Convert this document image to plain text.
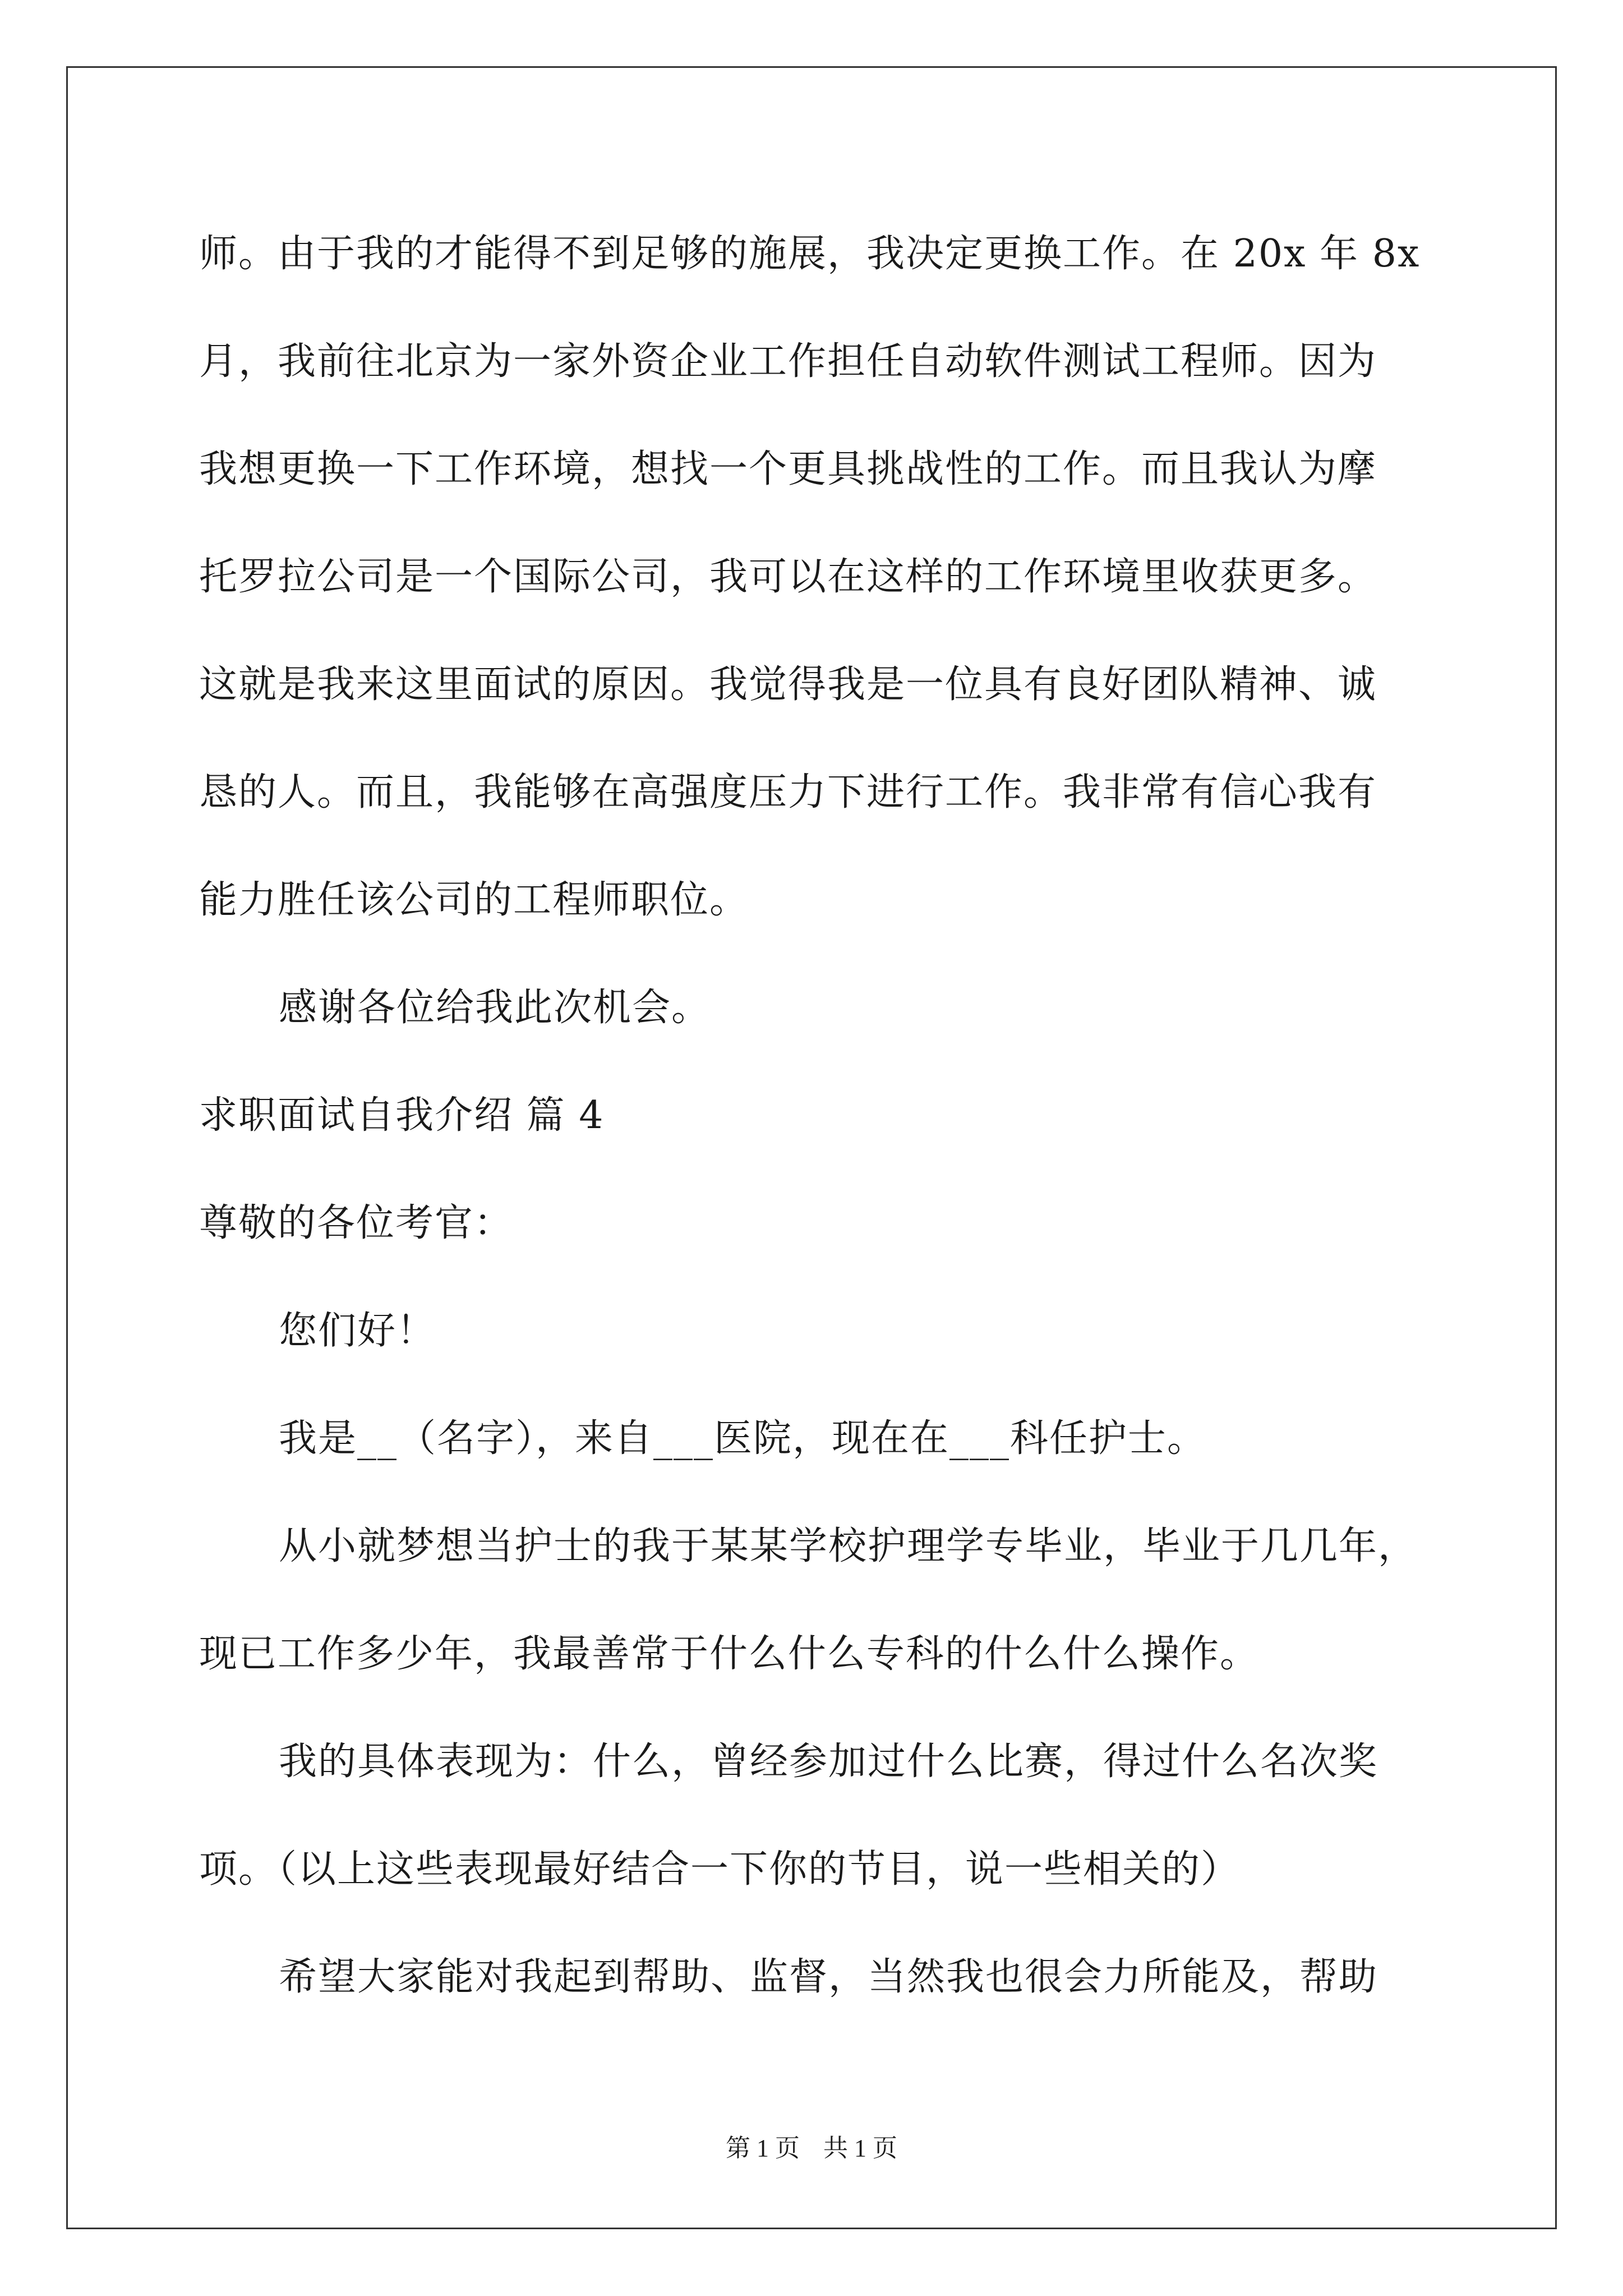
师。由于我的才能得不到足够的施展，我决定更换工作。在 20x 年 8x
月，我前往北京为一家外资企业工作担任自动软件测试工程师。因为
我想更换一下工作环境，想找一个更具挑战性的工作。而且我认为摩
托罗拉公司是一个国际公司，我可以在这样的工作环境里收获更多。
这就是我来这里面试的原因。我觉得我是一位具有良好团队精神、诚
恳的人。而且，我能够在高强度压力下进行工作。我非常有信心我有
能力胜任该公司的工程师职位。
感谢各位给我此次机会。
求职面试自我介绍 篇 4
尊敬的各位考官：
您们好！
我是__（名字），来自___医院，现在在___科任护士。
从小就梦想当护士的我于某某学校护理学专毕业，毕业于几几年，
现已工作多少年，我最善常于什么什么专科的什么什么操作。
我的具体表现为：什么，曾经参加过什么比赛，得过什么名次奖
项。（以上这些表现最好结合一下你的节目，说一些相关的）
希望大家能对我起到帮助、监督，当然我也很会力所能及，帮助
第 1 页 共 1 页
